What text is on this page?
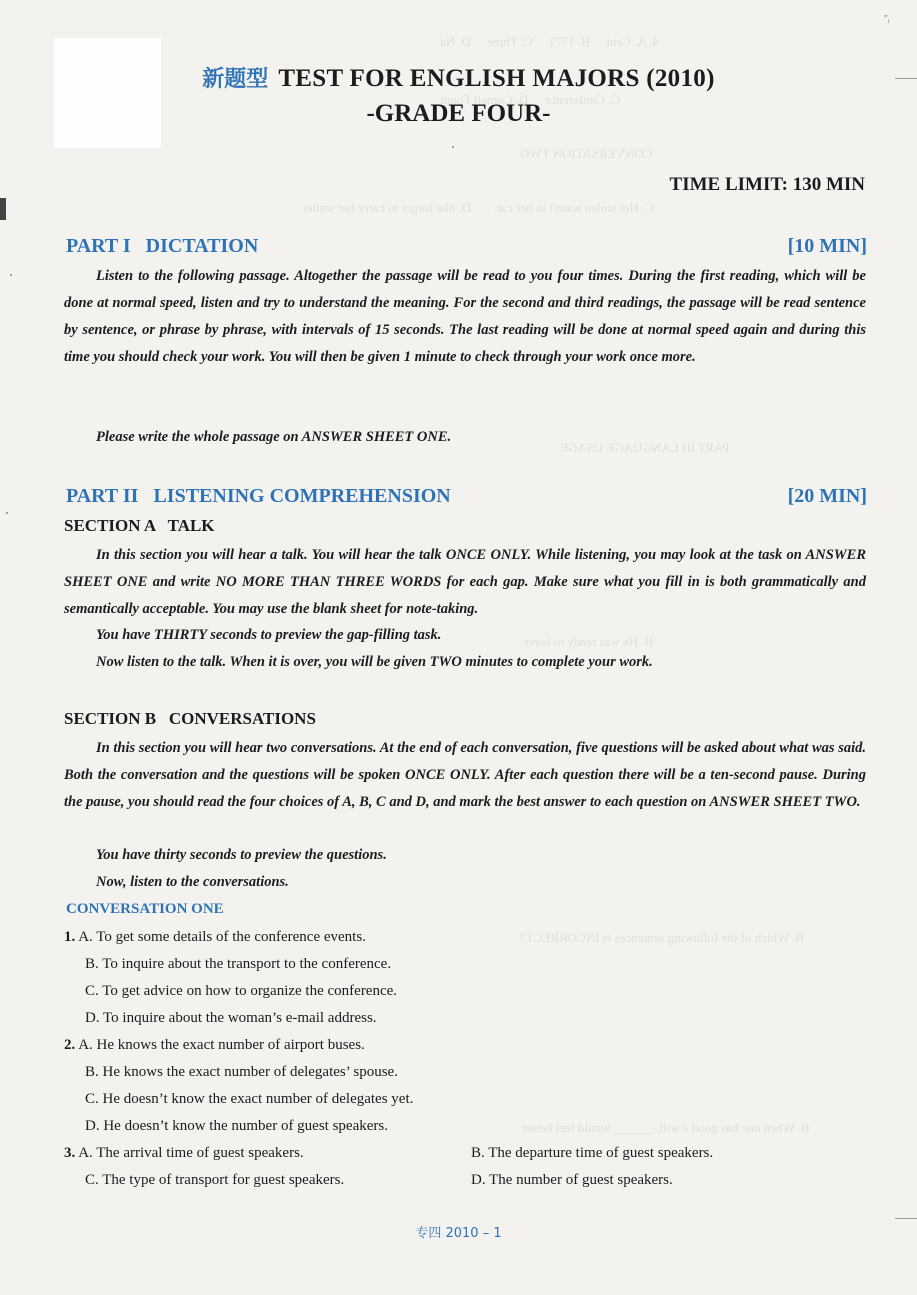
4. A. Cent     B. 1771     C. Three     D. Na
C. Conference     D. Cornell Fount
CONVERSATION TWO
C. Her stolen wasn't in her car.       D. She forgot to carry her wallet.
PART III LANGUAGE USAGE
B. He was ready to leave.
B. Which of the following sentences is INCORRECT?
B. When one has good a will, ______ would feel better.
''ᵢ
新题型 TEST FOR ENGLISH MAJORS (2010)
-GRADE FOUR-
TIME LIMIT: 130 MIN
PART I   DICTATION	[10 MIN]
Listen to the following passage. Altogether the passage will be read to you four times. During the first reading, which will be done at normal speed, listen and try to understand the meaning. For the second and third readings, the passage will be read sentence by sentence, or phrase by phrase, with intervals of 15 seconds. The last reading will be done at normal speed again and during this time you should check your work. You will then be given 1 minute to check through your work once more.
Please write the whole passage on ANSWER SHEET ONE.
PART II   LISTENING COMPREHENSION	[20 MIN]
SECTION A   TALK
In this section you will hear a talk. You will hear the talk ONCE ONLY. While listening, you may look at the task on ANSWER SHEET ONE and write NO MORE THAN THREE WORDS for each gap. Make sure what you fill in is both grammatically and semantically acceptable. You may use the blank sheet for note-taking.
You have THIRTY seconds to preview the gap-filling task.
Now listen to the talk. When it is over, you will be given TWO minutes to complete your work.
SECTION B   CONVERSATIONS
In this section you will hear two conversations. At the end of each conversation, five questions will be asked about what was said. Both the conversation and the questions will be spoken ONCE ONLY. After each question there will be a ten-second pause. During the pause, you should read the four choices of A, B, C and D, and mark the best answer to each question on ANSWER SHEET TWO.
You have thirty seconds to preview the questions.
Now, listen to the conversations.
CONVERSATION ONE
1. A. To get some details of the conference events.
B. To inquire about the transport to the conference.
C. To get advice on how to organize the conference.
D. To inquire about the woman’s e-mail address.
2. A. He knows the exact number of airport buses.
B. He knows the exact number of delegates’ spouse.
C. He doesn’t know the exact number of delegates yet.
D. He doesn’t know the number of guest speakers.
3. A. The arrival time of guest speakers.	B. The departure time of guest speakers.
C. The type of transport for guest speakers.	D. The number of guest speakers.
专四 2010 – 1
